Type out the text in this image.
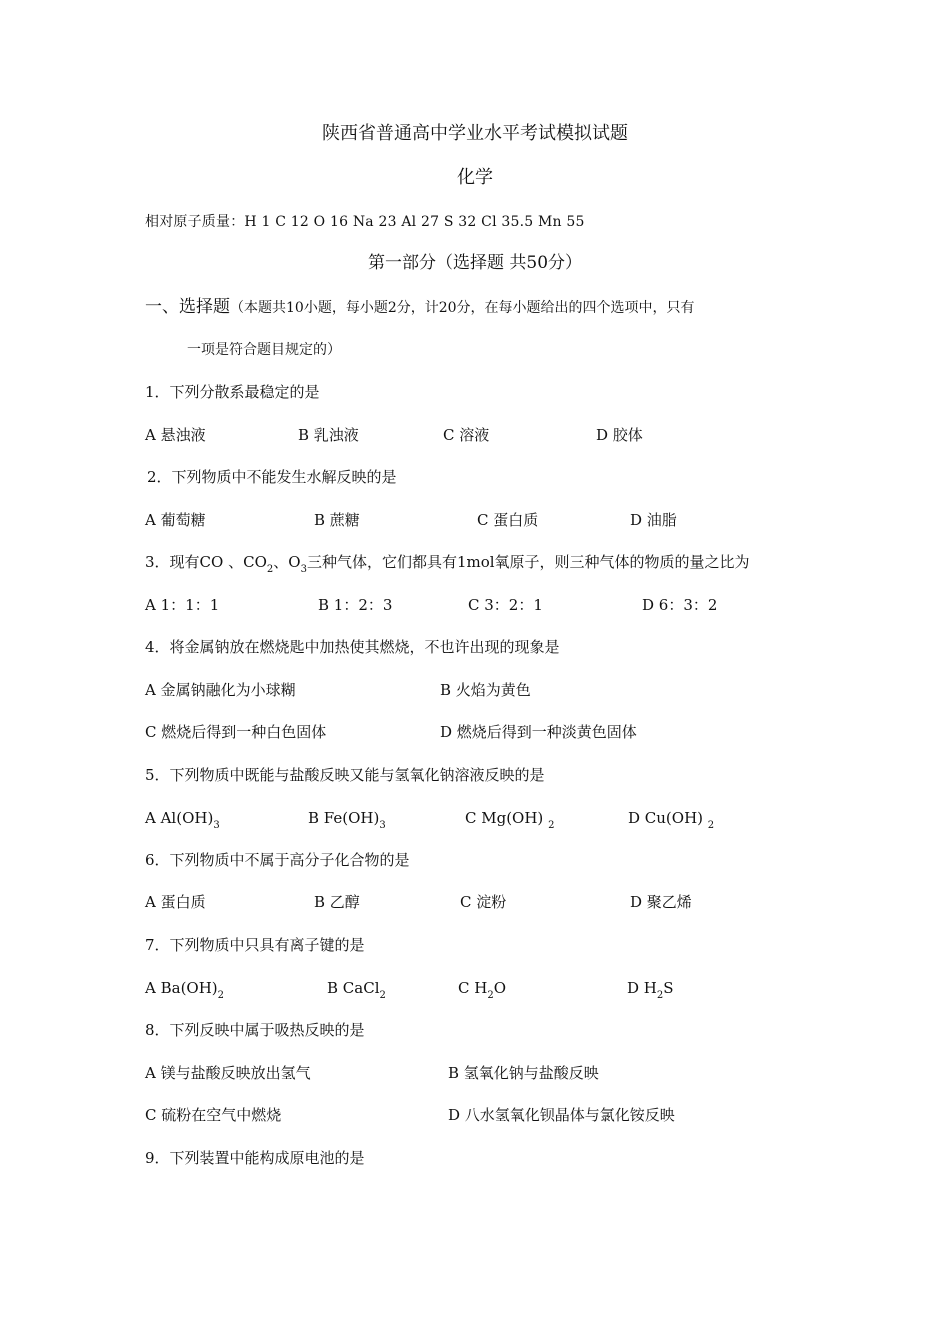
陕西省普通高中学业水平考试模拟试题
化学
相对原子质量：H 1 C 12 O 16 Na 23 Al 27 S 32 Cl 35.5 Mn 55
第一部分（选择题 共50分）
一、选择题（本题共10小题，每小题2分，计20分，在每小题给出的四个选项中，只有
一项是符合题目规定的）
1．下列分散系最稳定的是
A 悬浊液	B 乳浊液	C 溶液	D 胶体
2．下列物质中不能发生水解反映的是
A 葡萄糖	B 蔗糖	C 蛋白质	D 油脂
3．现有CO 、$CO_2$、$O_3$三种气体，它们都具有1mol氧原子，则三种气体的物质的量之比为
A 1：1：1	B 1：2：3	C 3：2：1	D 6：3：2
4．将金属钠放在燃烧匙中加热使其燃烧，不也许出现的现象是
A 金属钠融化为小球糊	B 火焰为黄色
C 燃烧后得到一种白色固体	D 燃烧后得到一种淡黄色固体
5．下列物质中既能与盐酸反映又能与氢氧化钠溶液反映的是
A $Al(OH)_3$	B $Fe(OH)_3$	C Mg(OH) $_2$	D Cu(OH) $_2$
6．下列物质中不属于高分子化合物的是
A 蛋白质	B 乙醇	C 淀粉	D 聚乙烯
7．下列物质中只具有离子键的是
A $Ba(OH)_2$	B CaCl$_2$	C $H_2O$	D $H_2S$
8．下列反映中属于吸热反映的是
A 镁与盐酸反映放出氢气	B 氢氧化钠与盐酸反映
C 硫粉在空气中燃烧	D 八水氢氧化钡晶体与氯化铵反映
9．下列装置中能构成原电池的是
